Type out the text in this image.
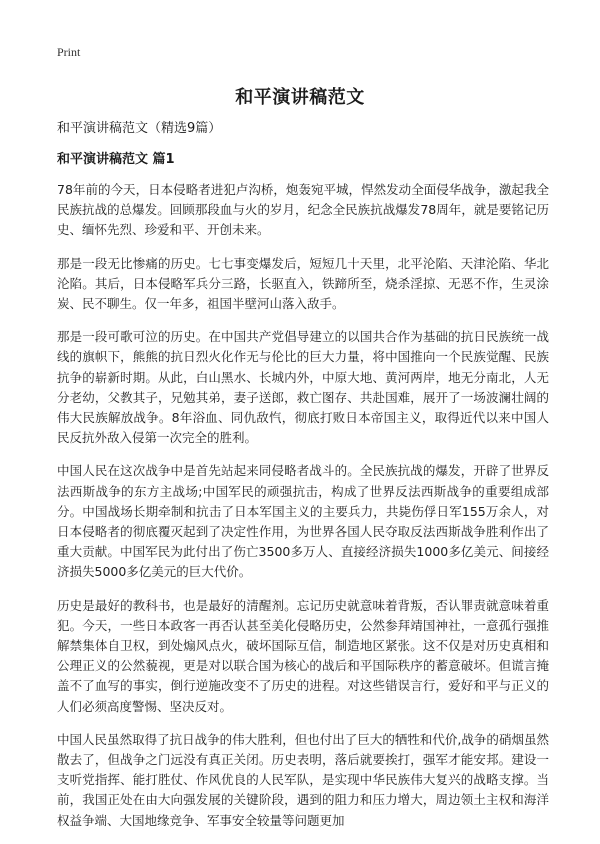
Print
和平演讲稿范文
和平演讲稿范文（精选9篇）
和平演讲稿范文 篇1

78年前的今天，日本侵略者进犯卢沟桥，炮轰宛平城，悍然发动全面侵华战争，激起我全民族抗战的总爆发。回顾那段血与火的岁月，纪念全民族抗战爆发78周年，就是要铭记历史、缅怀先烈、珍爱和平、开创未来。

那是一段无比惨痛的历史。七七事变爆发后，短短几十天里，北平沦陷、天津沦陷、华北沦陷。其后，日本侵略军兵分三路，长驱直入，铁蹄所至，烧杀淫掠、无恶不作，生灵涂炭、民不聊生。仅一年多，祖国半壁河山落入敌手。

那是一段可歌可泣的历史。在中国共产党倡导建立的以国共合作为基础的抗日民族统一战线的旗帜下，熊熊的抗日烈火化作无与伦比的巨大力量，将中国推向一个民族觉醒、民族抗争的崭新时期。从此，白山黑水、长城内外，中原大地、黄河两岸，地无分南北，人无分老幼，父教其子，兄勉其弟，妻子送郎，救亡图存、共赴国难，展开了一场波澜壮阔的伟大民族解放战争。8年浴血、同仇敌忾，彻底打败日本帝国主义，取得近代以来中国人民反抗外敌入侵第一次完全的胜利。

中国人民在这次战争中是首先站起来同侵略者战斗的。全民族抗战的爆发，开辟了世界反法西斯战争的东方主战场;中国军民的顽强抗击，构成了世界反法西斯战争的重要组成部分。中国战场长期牵制和抗击了日本军国主义的主要兵力，共毙伤俘日军155万余人，对日本侵略者的彻底覆灭起到了决定性作用，为世界各国人民夺取反法西斯战争胜利作出了重大贡献。中国军民为此付出了伤亡3500多万人、直接经济损失1000多亿美元、间接经济损失5000多亿美元的巨大代价。

历史是最好的教科书，也是最好的清醒剂。忘记历史就意味着背叛，否认罪责就意味着重犯。今天，一些日本政客一再否认甚至美化侵略历史，公然参拜靖国神社，一意孤行强推解禁集体自卫权，到处煽风点火，破坏国际互信，制造地区紧张。这不仅是对历史真相和公理正义的公然藐视，更是对以联合国为核心的战后和平国际秩序的蓄意破坏。但谎言掩盖不了血写的事实，倒行逆施改变不了历史的进程。对这些错误言行，爱好和平与正义的人们必须高度警惕、坚决反对。

中国人民虽然取得了抗日战争的伟大胜利，但也付出了巨大的牺牲和代价,战争的硝烟虽然散去了，但战争之门远没有真正关闭。历史表明，落后就要挨打，强军才能安邦。建设一支听党指挥、能打胜仗、作风优良的人民军队，是实现中华民族伟大复兴的战略支撑。当前，我国正处在由大向强发展的关键阶段，遇到的阻力和压力增大，周边领土主权和海洋权益争端、大国地缘竞争、军事安全较量等问题更加
